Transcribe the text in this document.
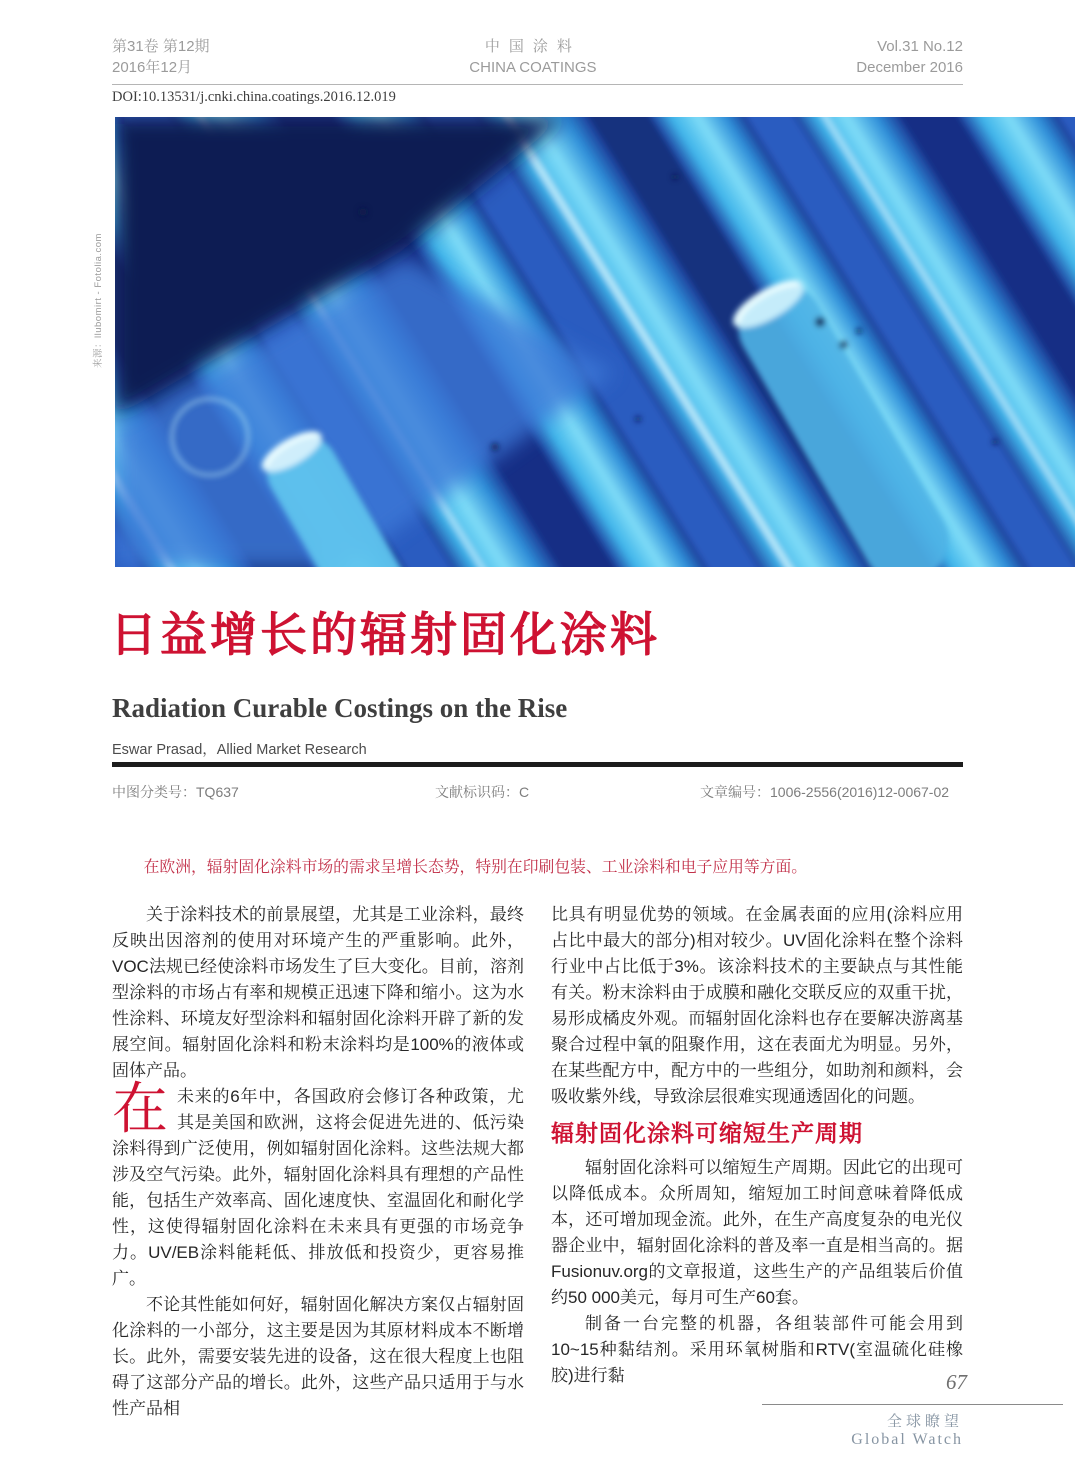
第31卷 第12期
2016年12月
中国涂料
CHINA COATINGS
Vol.31 No.12
December 2016
DOI:10.13531/j.cnki.china.coatings.2016.12.019
来源：llubomirt - Fotolia.com
日益增长的辐射固化涂料
Radiation Curable Costings on the Rise
Eswar Prasad，Allied Market Research
中图分类号：TQ637	文献标识码：C	文章编号：1006-2556(2016)12-0067-02
在欧洲，辐射固化涂料市场的需求呈增长态势，特别在印刷包装、工业涂料和电子应用等方面。

关于涂料技术的前景展望，尤其是工业涂料，最终反映出因溶剂的使用对环境产生的严重影响。此外，VOC法规已经使涂料市场发生了巨大变化。目前，溶剂型涂料的市场占有率和规模正迅速下降和缩小。这为水性涂料、环境友好型涂料和辐射固化涂料开辟了新的发展空间。辐射固化涂料和粉末涂料均是100%的液体或固体产品。

在未来的6年中，各国政府会修订各种政策，尤其是美国和欧洲，这将会促进先进的、低污染涂料得到广泛使用，例如辐射固化涂料。这些法规大都涉及空气污染。此外，辐射固化涂料具有理想的产品性能，包括生产效率高、固化速度快、室温固化和耐化学性，这使得辐射固化涂料在未来具有更强的市场竞争力。UV/EB涂料能耗低、排放低和投资少，更容易推广。

不论其性能如何好，辐射固化解决方案仅占辐射固化涂料的一小部分，这主要是因为其原材料成本不断增长。此外，需要安装先进的设备，这在很大程度上也阻碍了这部分产品的增长。此外，这些产品只适用于与水性产品相

比具有明显优势的领域。在金属表面的应用(涂料应用占比中最大的部分)相对较少。UV固化涂料在整个涂料行业中占比低于3%。该涂料技术的主要缺点与其性能有关。粉末涂料由于成膜和融化交联反应的双重干扰，易形成橘皮外观。而辐射固化涂料也存在要解决游离基聚合过程中氧的阻聚作用，这在表面尤为明显。另外，在某些配方中，配方中的一些组分，如助剂和颜料，会吸收紫外线，导致涂层很难实现通透固化的问题。

辐射固化涂料可缩短生产周期

辐射固化涂料可以缩短生产周期。因此它的出现可以降低成本。众所周知，缩短加工时间意味着降低成本，还可增加现金流。此外，在生产高度复杂的电光仪器企业中，辐射固化涂料的普及率一直是相当高的。据Fusionuv.org的文章报道，这些生产的产品组装后价值约50 000美元，每月可生产60套。

制备一台完整的机器，各组装部件可能会用到10~15种黏结剂。采用环氧树脂和RTV(室温硫化硅橡胶)进行黏	67
全球瞭望
Global Watch
